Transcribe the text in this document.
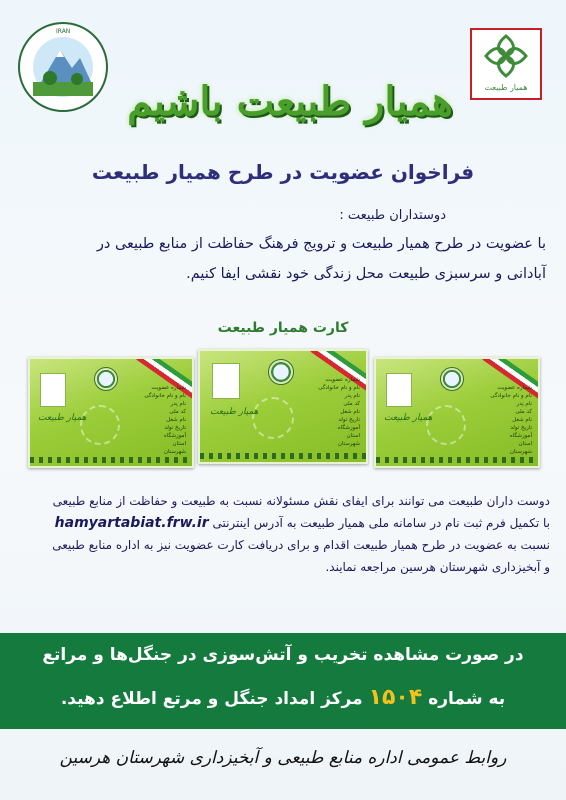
همیار طبیعت
IRAN
همیار طبیعت باشیم
فراخوان عضویت در طرح همیار طبیعت
دوستداران طبیعت :
با عضویت در طرح همیار طبیعت و ترویج فرهنگ حفاظت از منابع طبیعی در
آبادانی و سرسبزی طبیعت محل زندگی خود نقشی ایفا کنیم.
کارت همیار طبیعت
همیار طبیعت
شماره عضویت
نام و نام خانوادگی
نام پدر
کد ملی
نام شغل
تاریخ تولد
آموزشگاه
استان
شهرستان
همیار طبیعت
شماره عضویت
نام و نام خانوادگی
نام پدر
کد ملی
نام شغل
تاریخ تولد
آموزشگاه
استان
شهرستان
همیار طبیعت
شماره عضویت
نام و نام خانوادگی
نام پدر
کد ملی
نام شغل
تاریخ تولد
آموزشگاه
استان
شهرستان
دوست داران طبیعت می توانند برای ایفای نقش مسئولانه نسبت به طبیعت و حفاظت از منابع طبیعی
با تکمیل فرم ثبت نام در سامانه ملی همیار طبیعت به آدرس اینترنتی hamyartabiat.frw.ir
نسبت به عضویت در طرح همیار طبیعت اقدام و برای دریافت کارت عضویت نیز به اداره منابع طبیعی
و آبخیزداری شهرستان هرسین مراجعه نمایند.
در صورت مشاهده تخریب و آتش‌سوزی در جنگل‌ها و مراتع
به شماره ۱۵۰۴ مرکز امداد جنگل و مرتع اطلاع دهید.
روابط عمومی اداره منابع طبیعی و آبخیزداری شهرستان هرسین
